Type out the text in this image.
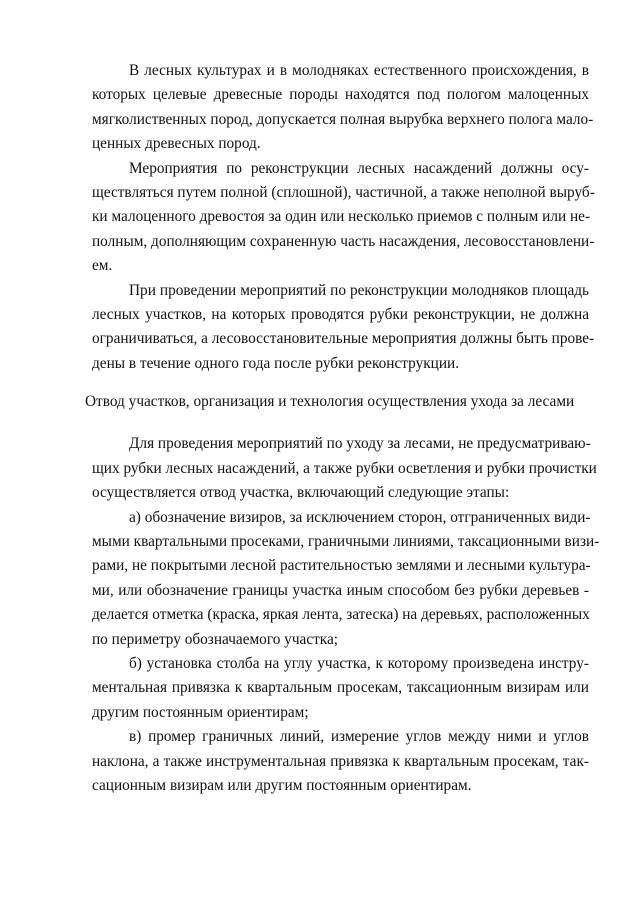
В лесных культурах и в молодняках естественного происхождения, в
которых целевые древесные породы находятся под пологом малоценных
мягколиственных пород, допускается полная вырубка верхнего полога мало-
ценных древесных пород.
Мероприятия по реконструкции лесных насаждений должны осу-
ществляться путем полной (сплошной), частичной, а также неполной выруб-
ки малоценного древостоя за один или несколько приемов с полным или не-
полным, дополняющим сохраненную часть насаждения, лесовосстановлени-
ем.
При проведении мероприятий по реконструкции молодняков площадь
лесных участков, на которых проводятся рубки реконструкции, не должна
ограничиваться, а лесовосстановительные мероприятия должны быть прове-
дены в течение одного года после рубки реконструкции.
Отвод участков, организация и технология осуществления ухода за лесами
Для проведения мероприятий по уходу за лесами, не предусматриваю-
щих рубки лесных насаждений, а также рубки осветления и рубки прочистки
осуществляется отвод участка, включающий следующие этапы:
а) обозначение визиров, за исключением сторон, отграниченных види-
мыми квартальными просеками, граничными линиями, таксационными визи-
рами, не покрытыми лесной растительностью землями и лесными культура-
ми, или обозначение границы участка иным способом без рубки деревьев -
делается отметка (краска, яркая лента, затеска) на деревьях, расположенных
по периметру обозначаемого участка;
б) установка столба на углу участка, к которому произведена инстру-
ментальная привязка к квартальным просекам, таксационным визирам или
другим постоянным ориентирам;
в) промер граничных линий, измерение углов между ними и углов
наклона, а также инструментальная привязка к квартальным просекам, так-
сационным визирам или другим постоянным ориентирам.
